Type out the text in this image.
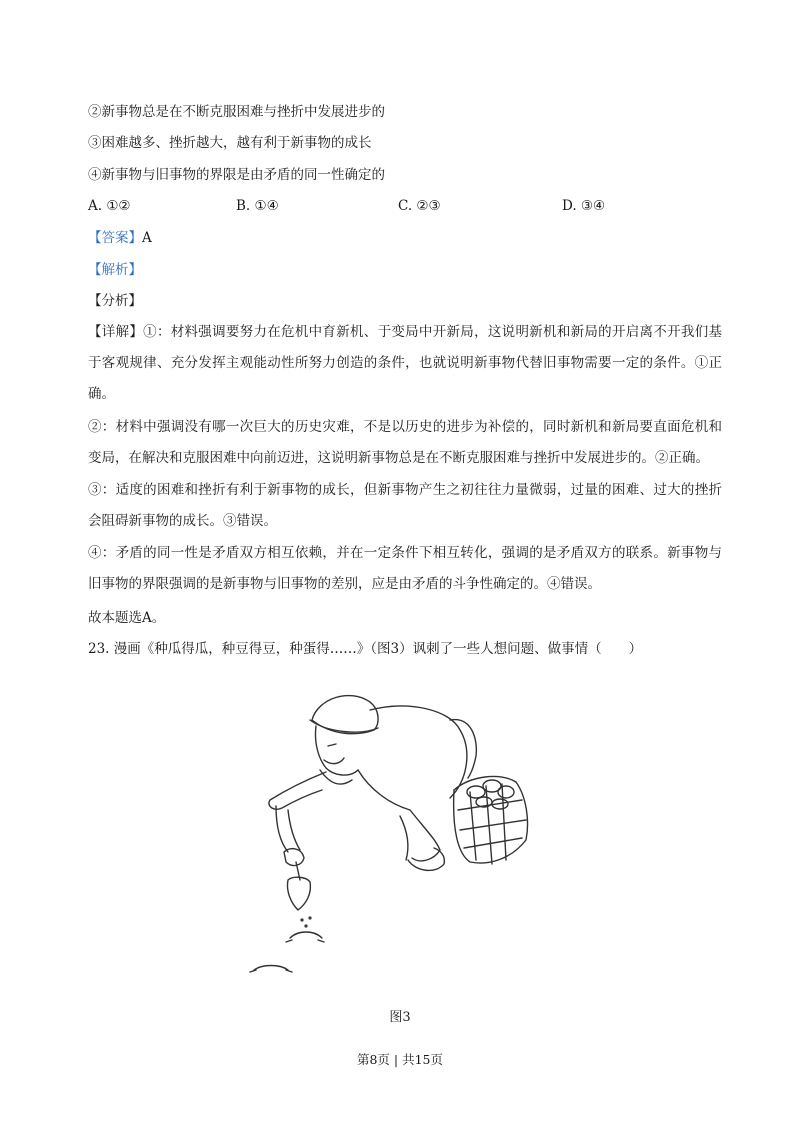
②新事物总是在不断克服困难与挫折中发展进步的
③困难越多、挫折越大，越有利于新事物的成长
④新事物与旧事物的界限是由矛盾的同一性确定的
A. ①②	B. ①④	C. ②③	D. ③④
【答案】A
【解析】
【分析】
【详解】①：材料强调要努力在危机中育新机、于变局中开新局，这说明新机和新局的开启离不开我们基于客观规律、充分发挥主观能动性所努力创造的条件，也就说明新事物代替旧事物需要一定的条件。①正确。
②：材料中强调没有哪一次巨大的历史灾难，不是以历史的进步为补偿的，同时新机和新局要直面危机和变局，在解决和克服困难中向前迈进，这说明新事物总是在不断克服困难与挫折中发展进步的。②正确。
③：适度的困难和挫折有利于新事物的成长，但新事物产生之初往往力量微弱，过量的困难、过大的挫折会阻碍新事物的成长。③错误。
④：矛盾的同一性是矛盾双方相互依赖，并在一定条件下相互转化，强调的是矛盾双方的联系。新事物与旧事物的界限强调的是新事物与旧事物的差别，应是由矛盾的斗争性确定的。④错误。
故本题选A。
23. 漫画《种瓜得瓜，种豆得豆，种蛋得……》（图3）讽刺了一些人想问题、做事情（　　）
图3
第8页 | 共15页
